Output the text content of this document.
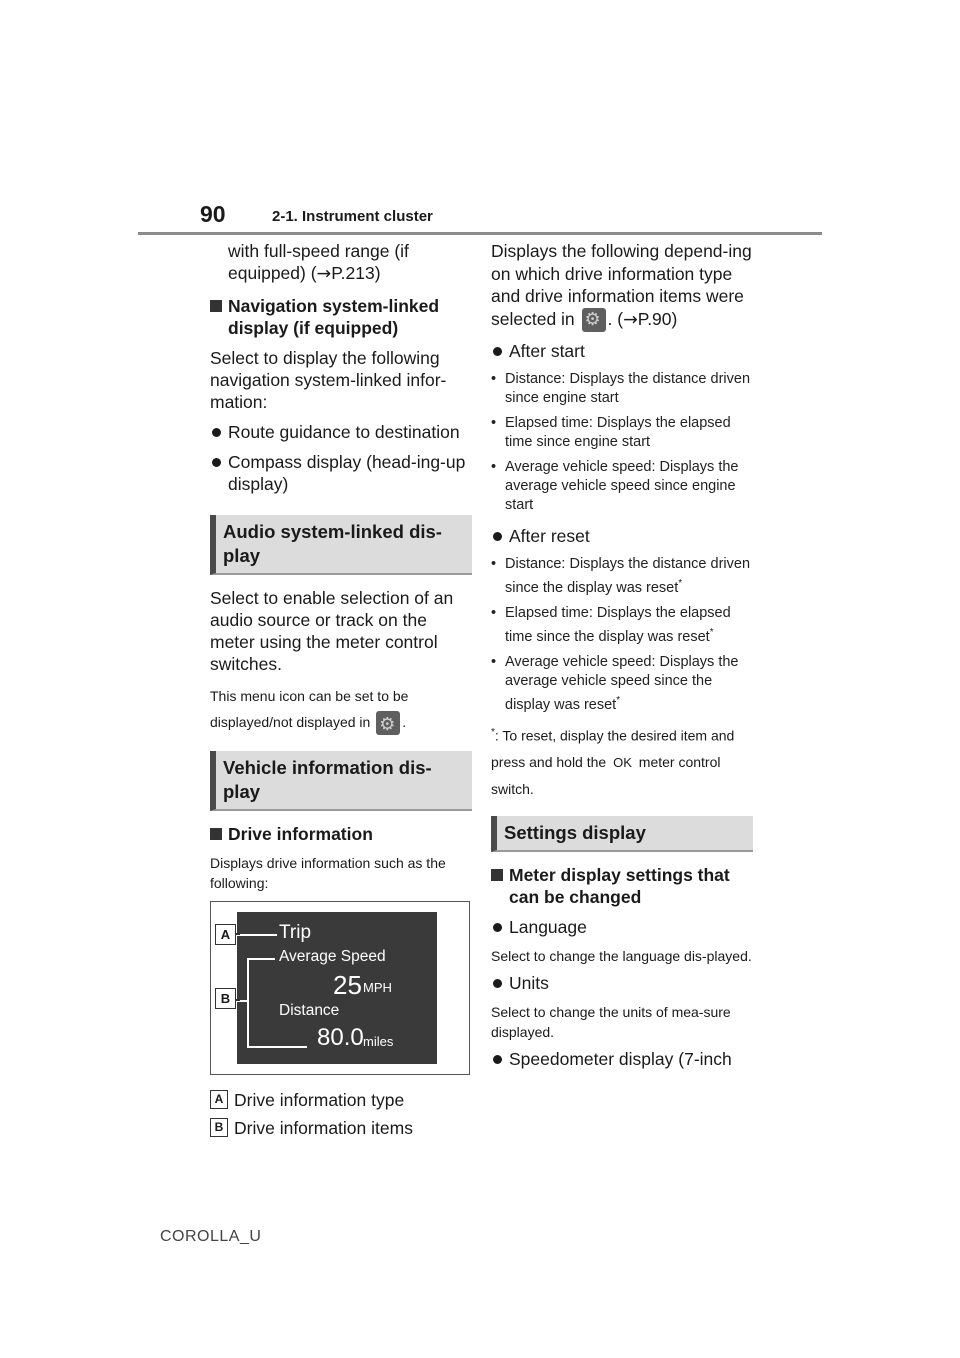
90	2-1. Instrument cluster

with full-speed range (if
equipped) (→P.213)

Navigation system-linked display (if equipped)

Select to display the following navigation system-linked infor-mation:

Route guidance to destination
Compass display (head-ing-up display)
Audio system-linked dis-play

Select to enable selection of an audio source or track on the meter using the meter control switches.

This menu icon can be set to be displayed/not displayed in ⚙ .

Vehicle information dis-play
Drive information

Displays drive information such as the following:

Trip
Average Speed
25 MPH
Distance
80.0 miles
A
B
A Drive information type
B Drive information items

Displays the following depend-ing on which drive information type and drive information items were selected in ⚙ . (→P.90)

After start
• Distance: Displays the distance driven since engine start
• Elapsed time: Displays the elapsed time since engine start
• Average vehicle speed: Displays the average vehicle speed since engine start
After reset
• Distance: Displays the distance driven since the display was reset*
• Elapsed time: Displays the elapsed time since the display was reset*
• Average vehicle speed: Displays the average vehicle speed since the display was reset*

*: To reset, display the desired item and press and hold the OK meter control switch.

Settings display
Meter display settings that can be changed
Language

Select to change the language dis-played.

Units

Select to change the units of mea-sure displayed.

Speedometer display (7-inch
COROLLA_U
